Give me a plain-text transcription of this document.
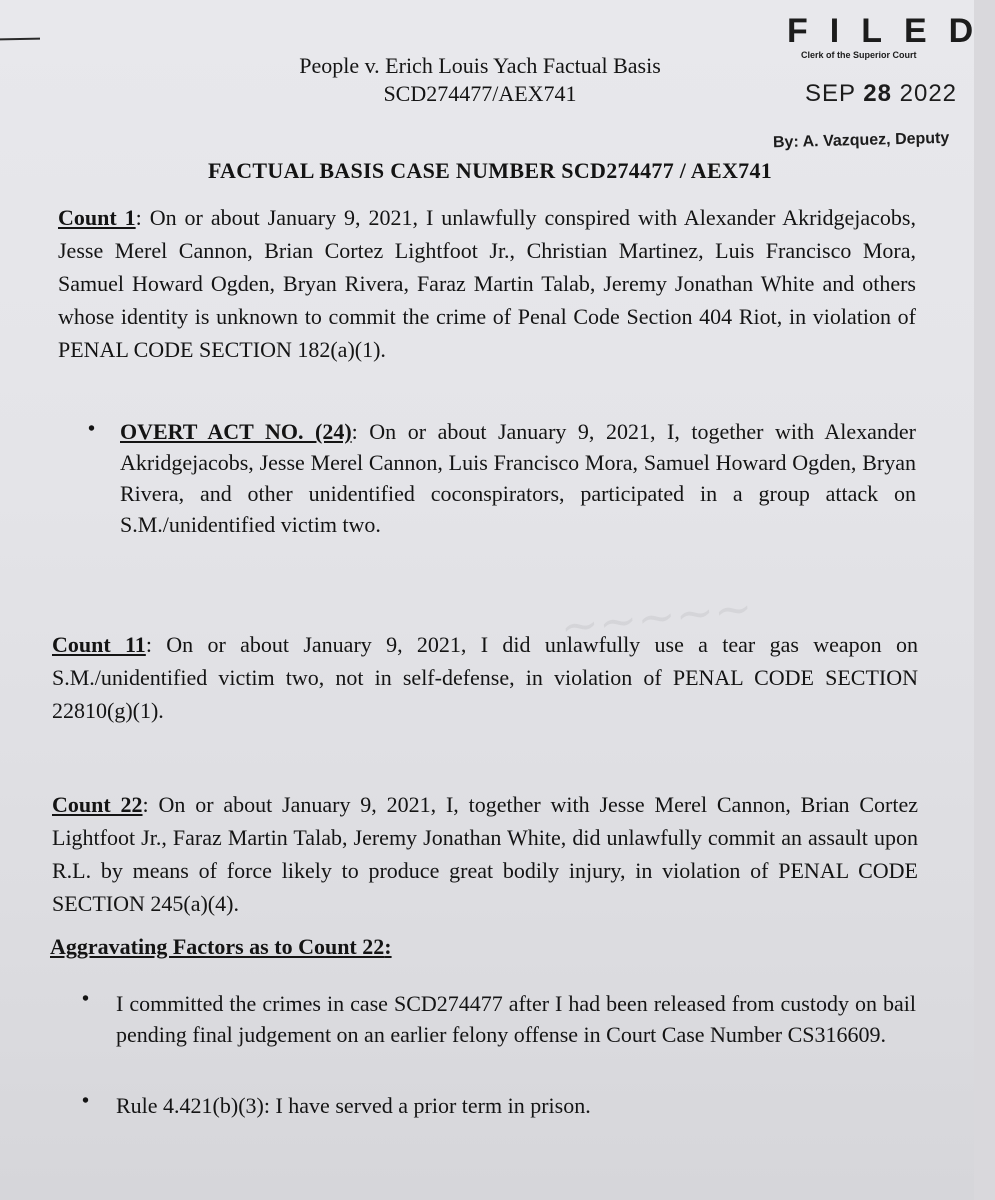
~~~~~
People v. Erich Louis Yach Factual Basis
SCD274477/AEX741
FILED
Clerk of the Superior Court
SEP 28 2022
By: A. Vazquez, Deputy
FACTUAL BASIS CASE NUMBER SCD274477 / AEX741
Count 1: On or about January 9, 2021, I unlawfully conspired with Alexander Akridgejacobs, Jesse Merel Cannon, Brian Cortez Lightfoot Jr., Christian Martinez, Luis Francisco Mora, Samuel Howard Ogden, Bryan Rivera, Faraz Martin Talab, Jeremy Jonathan White and others whose identity is unknown to commit the crime of Penal Code Section 404 Riot, in violation of PENAL CODE SECTION 182(a)(1).
• OVERT ACT NO. (24): On or about January 9, 2021, I, together with Alexander Akridgejacobs, Jesse Merel Cannon, Luis Francisco Mora, Samuel Howard Ogden, Bryan Rivera, and other unidentified coconspirators, participated in a group attack on S.M./unidentified victim two.
Count 11: On or about January 9, 2021, I did unlawfully use a tear gas weapon on S.M./unidentified victim two, not in self-defense, in violation of PENAL CODE SECTION 22810(g)(1).
Count 22: On or about January 9, 2021, I, together with Jesse Merel Cannon, Brian Cortez Lightfoot Jr., Faraz Martin Talab, Jeremy Jonathan White, did unlawfully commit an assault upon R.L. by means of force likely to produce great bodily injury, in violation of PENAL CODE SECTION 245(a)(4).
Aggravating Factors as to Count 22:
• I committed the crimes in case SCD274477 after I had been released from custody on bail pending final judgement on an earlier felony offense in Court Case Number CS316609.
• Rule 4.421(b)(3): I have served a prior term in prison.
